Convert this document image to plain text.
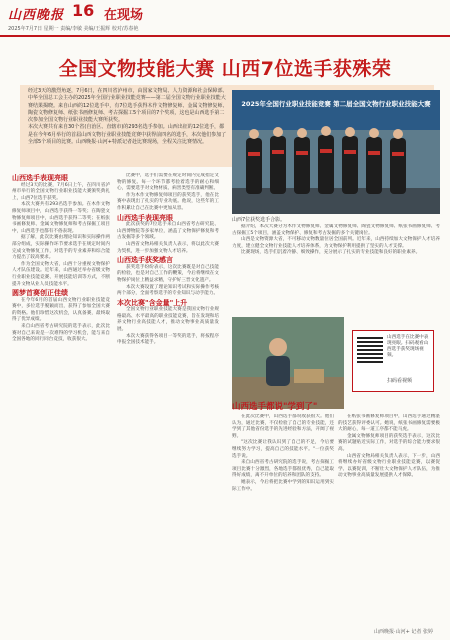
山西晚报 16 在现场
2025年7月7日 星期一 责编/李敏 美编/王振辉 校对/苏春艳
全国文物技能大赛 山西7位选手获殊荣
经过3天的激烈角逐，7月6日，在四川省泸州市，由国家文物局、人力资源和社会保障部、中华全国总工会主办的2025年全国行业职业技能竞赛——第二届全国文物行业职业技能大赛结果揭晓。来自山西的12位选手中，有7位选手获得木作文物修复师、金属文物修复师、陶瓷文物修复师、纸张书画修复师、考古探掘工5个项目的7个奖项，这也是山西选手第二次参加全国文物行业职业技能大赛所获奖。
本次大赛共有来自30个省(自治区、直辖市)的293名选手参加。山西出征的12位选手，都是在今年6月举行的首届山西文物行业职业技能竞赛中获得前四名的选手，本次他们参加了全部5个项目的比赛。山西晚报·山河+特派记者赴比赛现场，全程关注比赛情况。
2025年全国行业职业技能竞赛 第二届全国文物行业职业技能大赛
山西7位获奖选手合影。
山西选手表现亮眼

经过3天的比赛，7月6日上午，在四川省泸州市举行的全国文物行业职业技能大赛颁奖典礼上，山西7位选手获奖。

本次大赛共有293名选手参加。在木作文物修复师项目中，山西选手获得一等奖；在陶瓷文物修复师项目中，山西选手获得二等奖；在纸张书画修复师、金属文物修复师和考古探掘工项目中，山西选手也都有不俗表现。

据了解，此次比赛由理论知识和实际操作两部分组成，实际操作环节要求选手在规定时间内完成文物修复工作，对选手的专业素养和综合能力提出了较高要求。

作为全国文物大省，山西十分重视文物保护人才队伍建设。近年来，山西通过举办省级文物行业职业技能竞赛、开展技能培训等方式，不断提升文物从业人员技能水平。

圆梦首赛创正佳绩

在今年6月的首届山西文物行业职业技能竞赛中，多位选手脱颖而出，获得了参加全国大赛的资格。他们珍惜这次机会，认真备赛，最终取得了优异成绩。

来自山西省考古研究院的选手表示，此次比赛对自己来说是一次难得的学习机会，能与来自全国各地的同行同台竞技，收获很大。

比赛中，选手们需要在规定时间内完成指定文物的修复。每一个环节都考验着选手的耐心和细心，需要选手对文物材质、病害类型有准确判断。

作为木作文物修复师项目的获奖选手，他在比赛中表现出了扎实的专业功底。他说，这些年的工作积累让自己在比赛中更加从容。

山西选手表现亮眼

此次获奖的7位选手来自山西省考古研究院、山西博物院等多家单位，涵盖了文物保护修复和考古发掘等多个领域。

山西省文物局相关负责人表示，将以此次大赛为契机，进一步加强文物人才培养。

山西选手获奖感言

获奖选手纷纷表示，这次比赛既是对自己技能的检验，也是对自己工作的鞭策，今后将继续在文物保护岗位上精益求精，守护好三晋文化遗产。

本次大赛设置了理论知识考试和实际操作考核两个部分，全面考察选手的专业知识与动手能力。

本次比赛"含金量"上升

全国文物行业职业技能大赛是我国文物行业规格最高、水平最高的职业技能竞赛，旨在发现和培养文物行业高技能人才，推动文物事业高质量发展。

本次大赛获得各项目一等奖的选手，将按程序申报全国技术能手。

据介绍，本次大赛分为木作文物修复师、金属文物修复师、陶瓷文物修复师、纸张书画修复师、考古探掘工5个项目，涵盖文物保护、修复和考古发掘的多个关键岗位。

山西是文物资源大省，不可移动文物数量位居全国前列。近年来，山西持续加大文物保护人才培养力度，建立健全文物行业技能人才培养体系，为文物保护利用提供了坚实的人才支撑。

比赛现场，选手们沉着冷静、细致操作，充分展示了扎实的专业技能和良好的职业素养。

山西选手在比赛中表现亮眼。扫码观看山西选手获奖现场视频。
扫码看视频
山西选手都说"学到了"

在此次比赛中，山西选手都说收获很大。他们认为，通过比赛，不仅检验了自己的专业技能，还学到了其他省份选手的先进经验和方法，开阔了视野。

"这次比赛让我认识到了自己的不足，今后要继续努力学习，提高自己的技能水平。"一位获奖选手说。

来自山西省考古研究院的选手说，考古探掘工项目比赛十分激烈，各地选手都很优秀，自己能取得好成绩，离不开单位的培养和团队的支持。

她表示，今后将把比赛中学到的知识运用到实际工作中。

在纸张书画修复师项目中，山西选手通过精湛的技艺获得评委认可。她说，纸张书画修复需要极大的耐心，每一道工序都不能马虎。

金属文物修复师项目的获奖选手表示，这次比赛的试题贴近实际工作，对选手的综合能力要求很高。

山西省文物局相关负责人表示，下一步，山西将继续办好省级文物行业职业技能竞赛，以赛促学、以赛促训，不断壮大文物保护人才队伍，为推动文物事业高质量发展提供人才保障。

山西晚报·山河+ 记者 张婷
